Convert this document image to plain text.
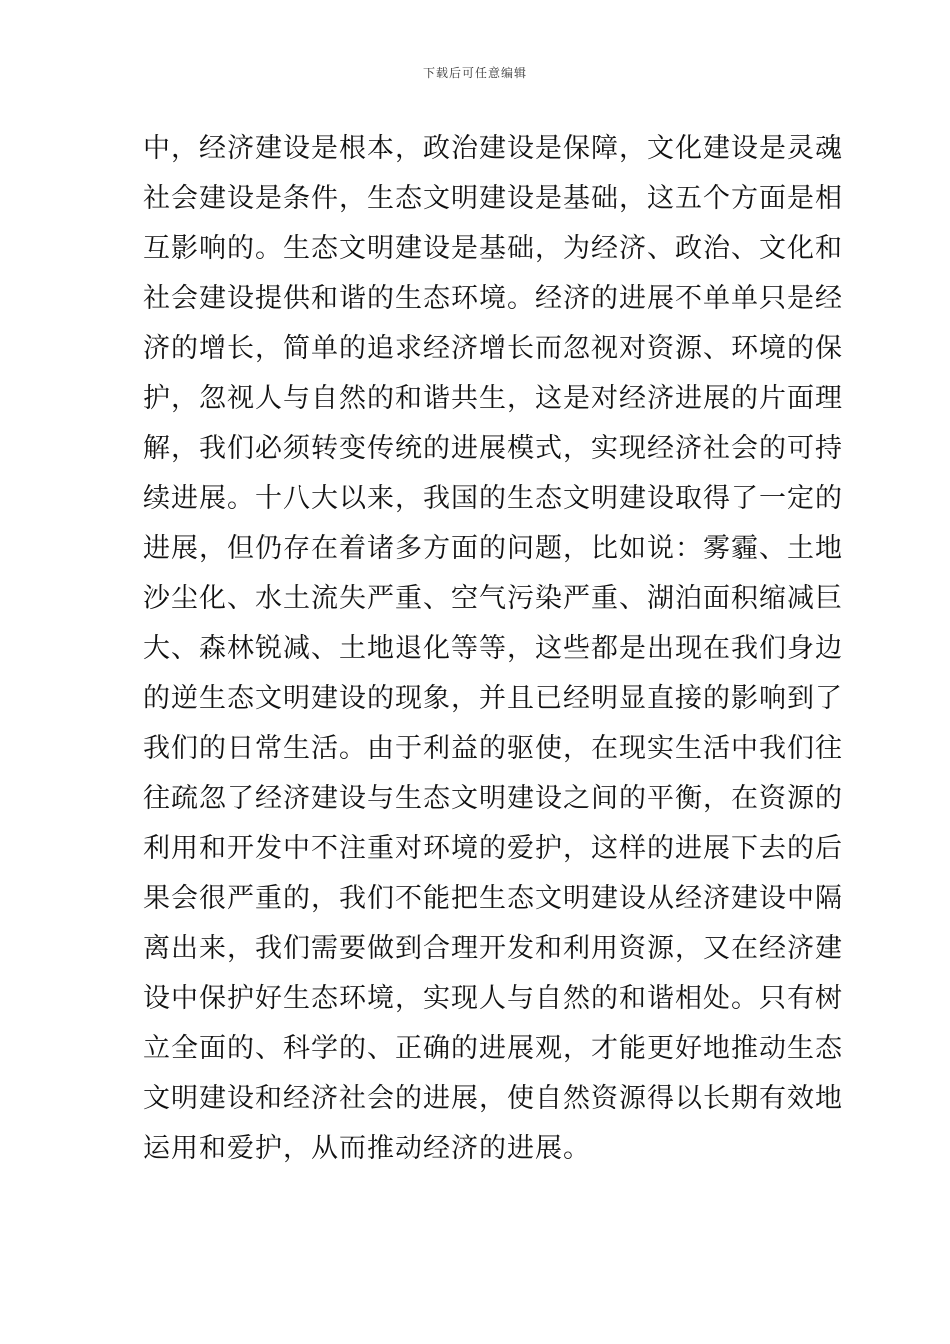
下载后可任意编辑
中，经济建设是根本，政治建设是保障，文化建设是灵魂
社会建设是条件，生态文明建设是基础，这五个方面是相
互影响的。生态文明建设是基础，为经济、政治、文化和
社会建设提供和谐的生态环境。经济的进展不单单只是经
济的增长，简单的追求经济增长而忽视对资源、环境的保
护，忽视人与自然的和谐共生，这是对经济进展的片面理
解，我们必须转变传统的进展模式，实现经济社会的可持
续进展。十八大以来，我国的生态文明建设取得了一定的
进展，但仍存在着诸多方面的问题，比如说：雾霾、土地
沙尘化、水土流失严重、空气污染严重、湖泊面积缩减巨
大、森林锐减、土地退化等等，这些都是出现在我们身边
的逆生态文明建设的现象，并且已经明显直接的影响到了
我们的日常生活。由于利益的驱使，在现实生活中我们往
往疏忽了经济建设与生态文明建设之间的平衡，在资源的
利用和开发中不注重对环境的爱护，这样的进展下去的后
果会很严重的，我们不能把生态文明建设从经济建设中隔
离出来，我们需要做到合理开发和利用资源，又在经济建
设中保护好生态环境，实现人与自然的和谐相处。只有树
立全面的、科学的、正确的进展观，才能更好地推动生态
文明建设和经济社会的进展，使自然资源得以长期有效地
运用和爱护，从而推动经济的进展。
